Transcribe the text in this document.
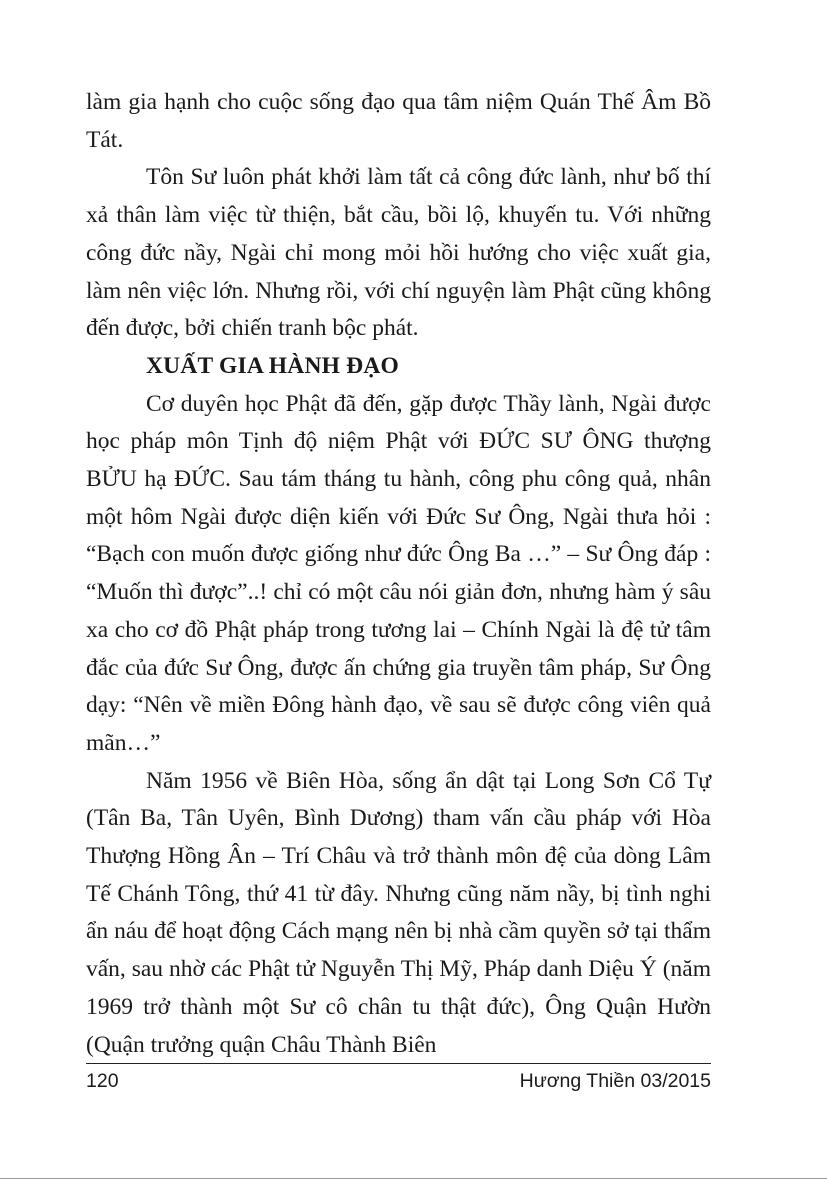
làm gia hạnh cho cuộc sống đạo qua tâm niệm Quán Thế Âm Bồ Tát.

Tôn Sư luôn phát khởi làm tất cả công đức lành, như bố thí xả thân làm việc từ thiện, bắt cầu, bồi lộ, khuyến tu. Với những công đức nầy, Ngài chỉ mong mỏi hồi hướng cho việc xuất gia, làm nên việc lớn. Nhưng rồi, với chí nguyện làm Phật cũng không đến được, bởi chiến tranh bộc phát.

XUẤT GIA HÀNH ĐẠO

Cơ duyên học Phật đã đến, gặp được Thầy lành, Ngài được học pháp môn Tịnh độ niệm Phật với ĐỨC SƯ ÔNG thượng BỬU hạ ĐỨC. Sau tám tháng tu hành, công phu công quả, nhân một hôm Ngài được diện kiến với Đức Sư Ông, Ngài thưa hỏi : “Bạch con muốn được giống như đức Ông Ba …” – Sư Ông đáp : “Muốn thì được”..! chỉ có một câu nói giản đơn, nhưng hàm ý sâu xa cho cơ đồ Phật pháp trong tương lai – Chính Ngài là đệ tử tâm đắc của đức Sư Ông, được ấn chứng gia truyền tâm pháp, Sư Ông dạy: “Nên về miền Đông hành đạo, về sau sẽ được công viên quả mãn…”

Năm 1956 về Biên Hòa, sống ẩn dật tại Long Sơn Cổ Tự (Tân Ba, Tân Uyên, Bình Dương) tham vấn cầu pháp với Hòa Thượng Hồng Ân – Trí Châu và trở thành môn đệ của dòng Lâm Tế Chánh Tông, thứ 41 từ đây. Nhưng cũng năm nầy, bị tình nghi ẩn náu để hoạt động Cách mạng nên bị nhà cầm quyền sở tại thẩm vấn, sau nhờ các Phật tử Nguyễn Thị Mỹ, Pháp danh Diệu Ý (năm 1969 trở thành một Sư cô chân tu thật đức), Ông Quận Hườn (Quận trưởng quận Châu Thành Biên

120	Hương Thiền 03/2015
